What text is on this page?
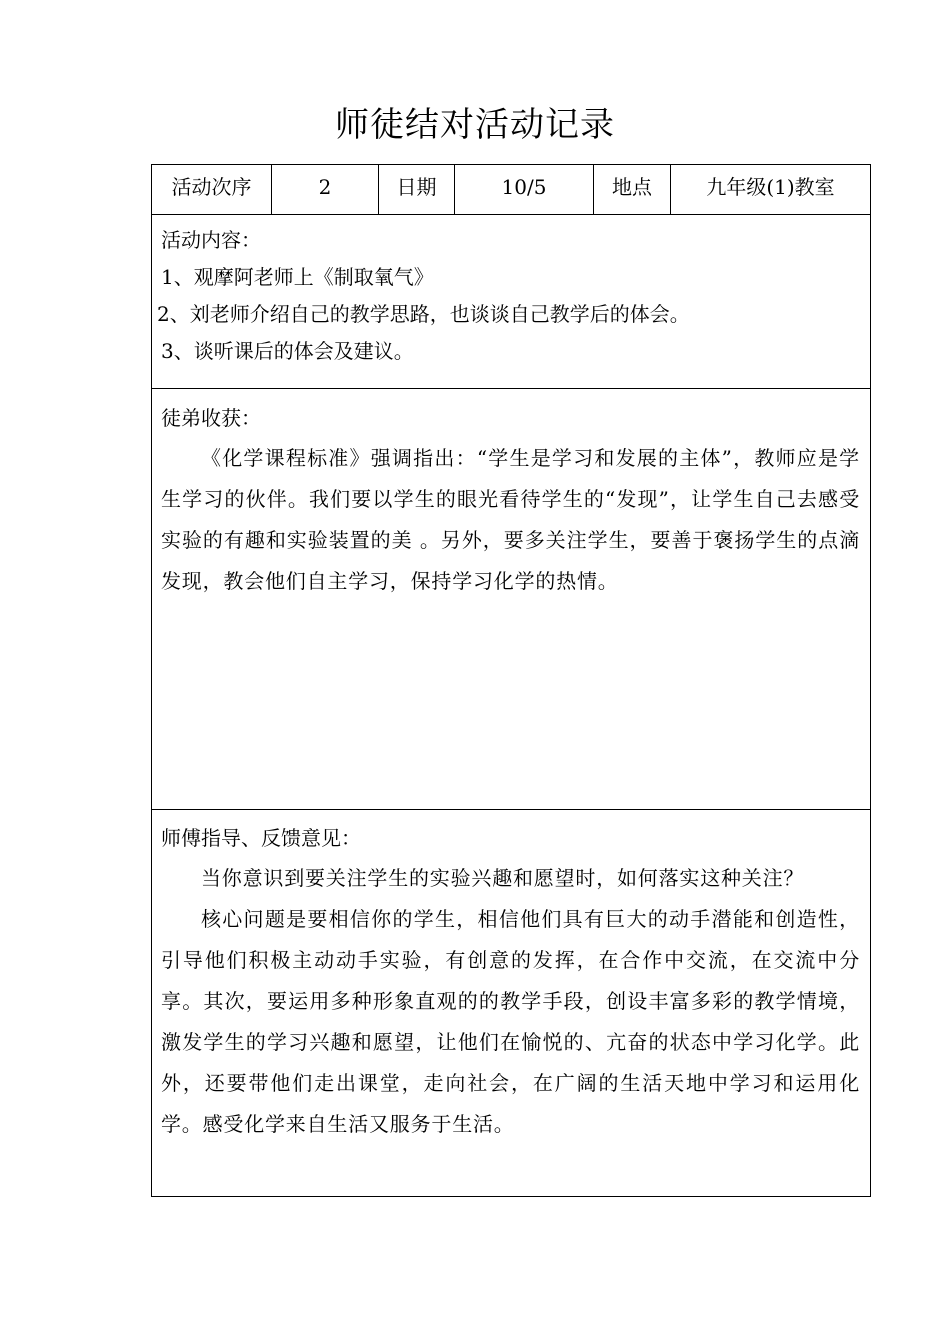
师徒结对活动记录
活动次序	2	日期	10/5	地点	九年级(1)教室
活动内容：
1、观摩阿老师上《制取氧气》
2、刘老师介绍自己的教学思路，也谈谈自己教学后的体会。
3、谈听课后的体会及建议。
徒弟收获：
《化学课程标准》强调指出：“学生是学习和发展的主体”，教师应是学生学习的伙伴。我们要以学生的眼光看待学生的“发现”，让学生自己去感受实验的有趣和实验装置的美 。另外，要多关注学生，要善于褒扬学生的点滴发现，教会他们自主学习，保持学习化学的热情。
师傅指导、反馈意见：
当你意识到要关注学生的实验兴趣和愿望时，如何落实这种关注？
核心问题是要相信你的学生，相信他们具有巨大的动手潜能和创造性，引导他们积极主动动手实验，有创意的发挥，在合作中交流，在交流中分享。其次，要运用多种形象直观的的教学手段，创设丰富多彩的教学情境，激发学生的学习兴趣和愿望，让他们在愉悦的、亢奋的状态中学习化学。此外，还要带他们走出课堂，走向社会，在广阔的生活天地中学习和运用化学。感受化学来自生活又服务于生活。
